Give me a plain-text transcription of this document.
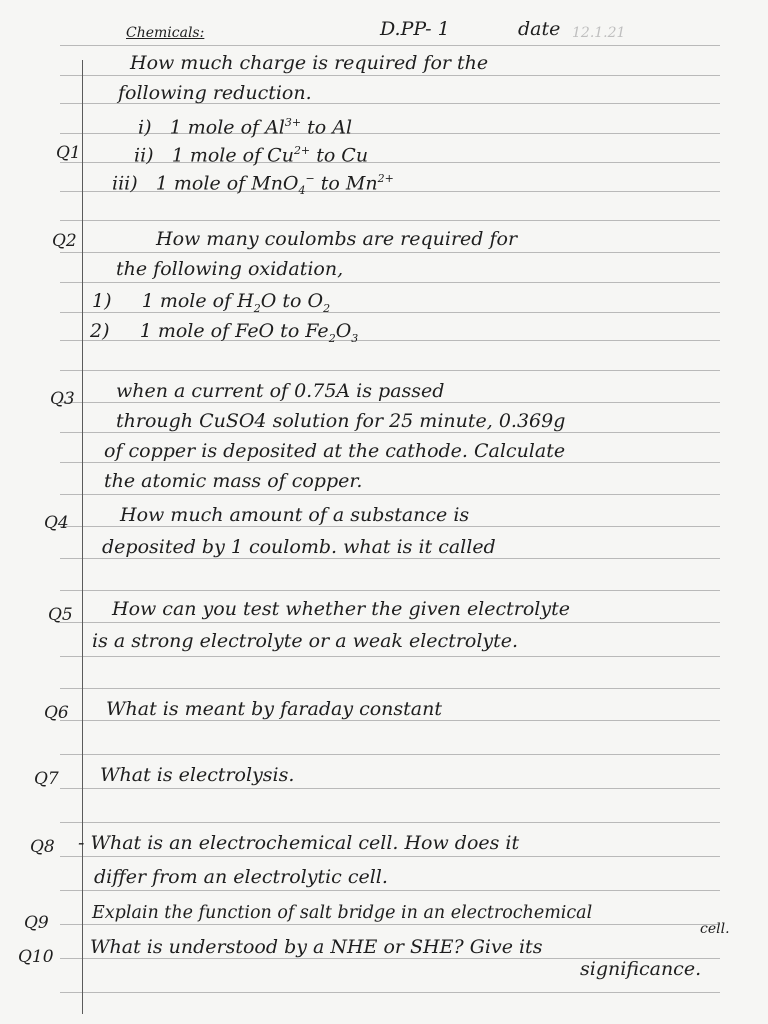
Chemicals:	D.PP- 1	date 12.1.21
Q1
How much charge is required for the
following reduction.
i) 1 mole of $Al^{3+}$ to Al
ii) 1 mole of $Cu^{2+}$ to Cu
iii) 1 mole of MnO$_4$− to $Mn^{2+}$
Q2	How many coulombs are required for
the following oxidation,
1) 1 mole of $H_2O$ to $O_2$
2) 1 mole of FeO to $Fe_2O_3$
Q3 when a current of 0.75A is passed
through CuSO4 solution for 25 minute, 0.369g
of copper is deposited at the cathode. Calculate
the atomic mass of copper.
Q4	How much amount of a substance is
deposited by 1 coulomb. what is it called
Q5 How can you test whether the given electrolyte
is a strong electrolyte or a weak electrolyte.
Q6 What is meant by faraday constant
Q7 What is electrolysis.
Q8 - What is an electrochemical cell. How does it
differ from an electrolytic cell.
Q9 Explain the function of salt bridge in an electrochemical
cell.
Q10 What is understood by a NHE or SHE? Give its
significance.
